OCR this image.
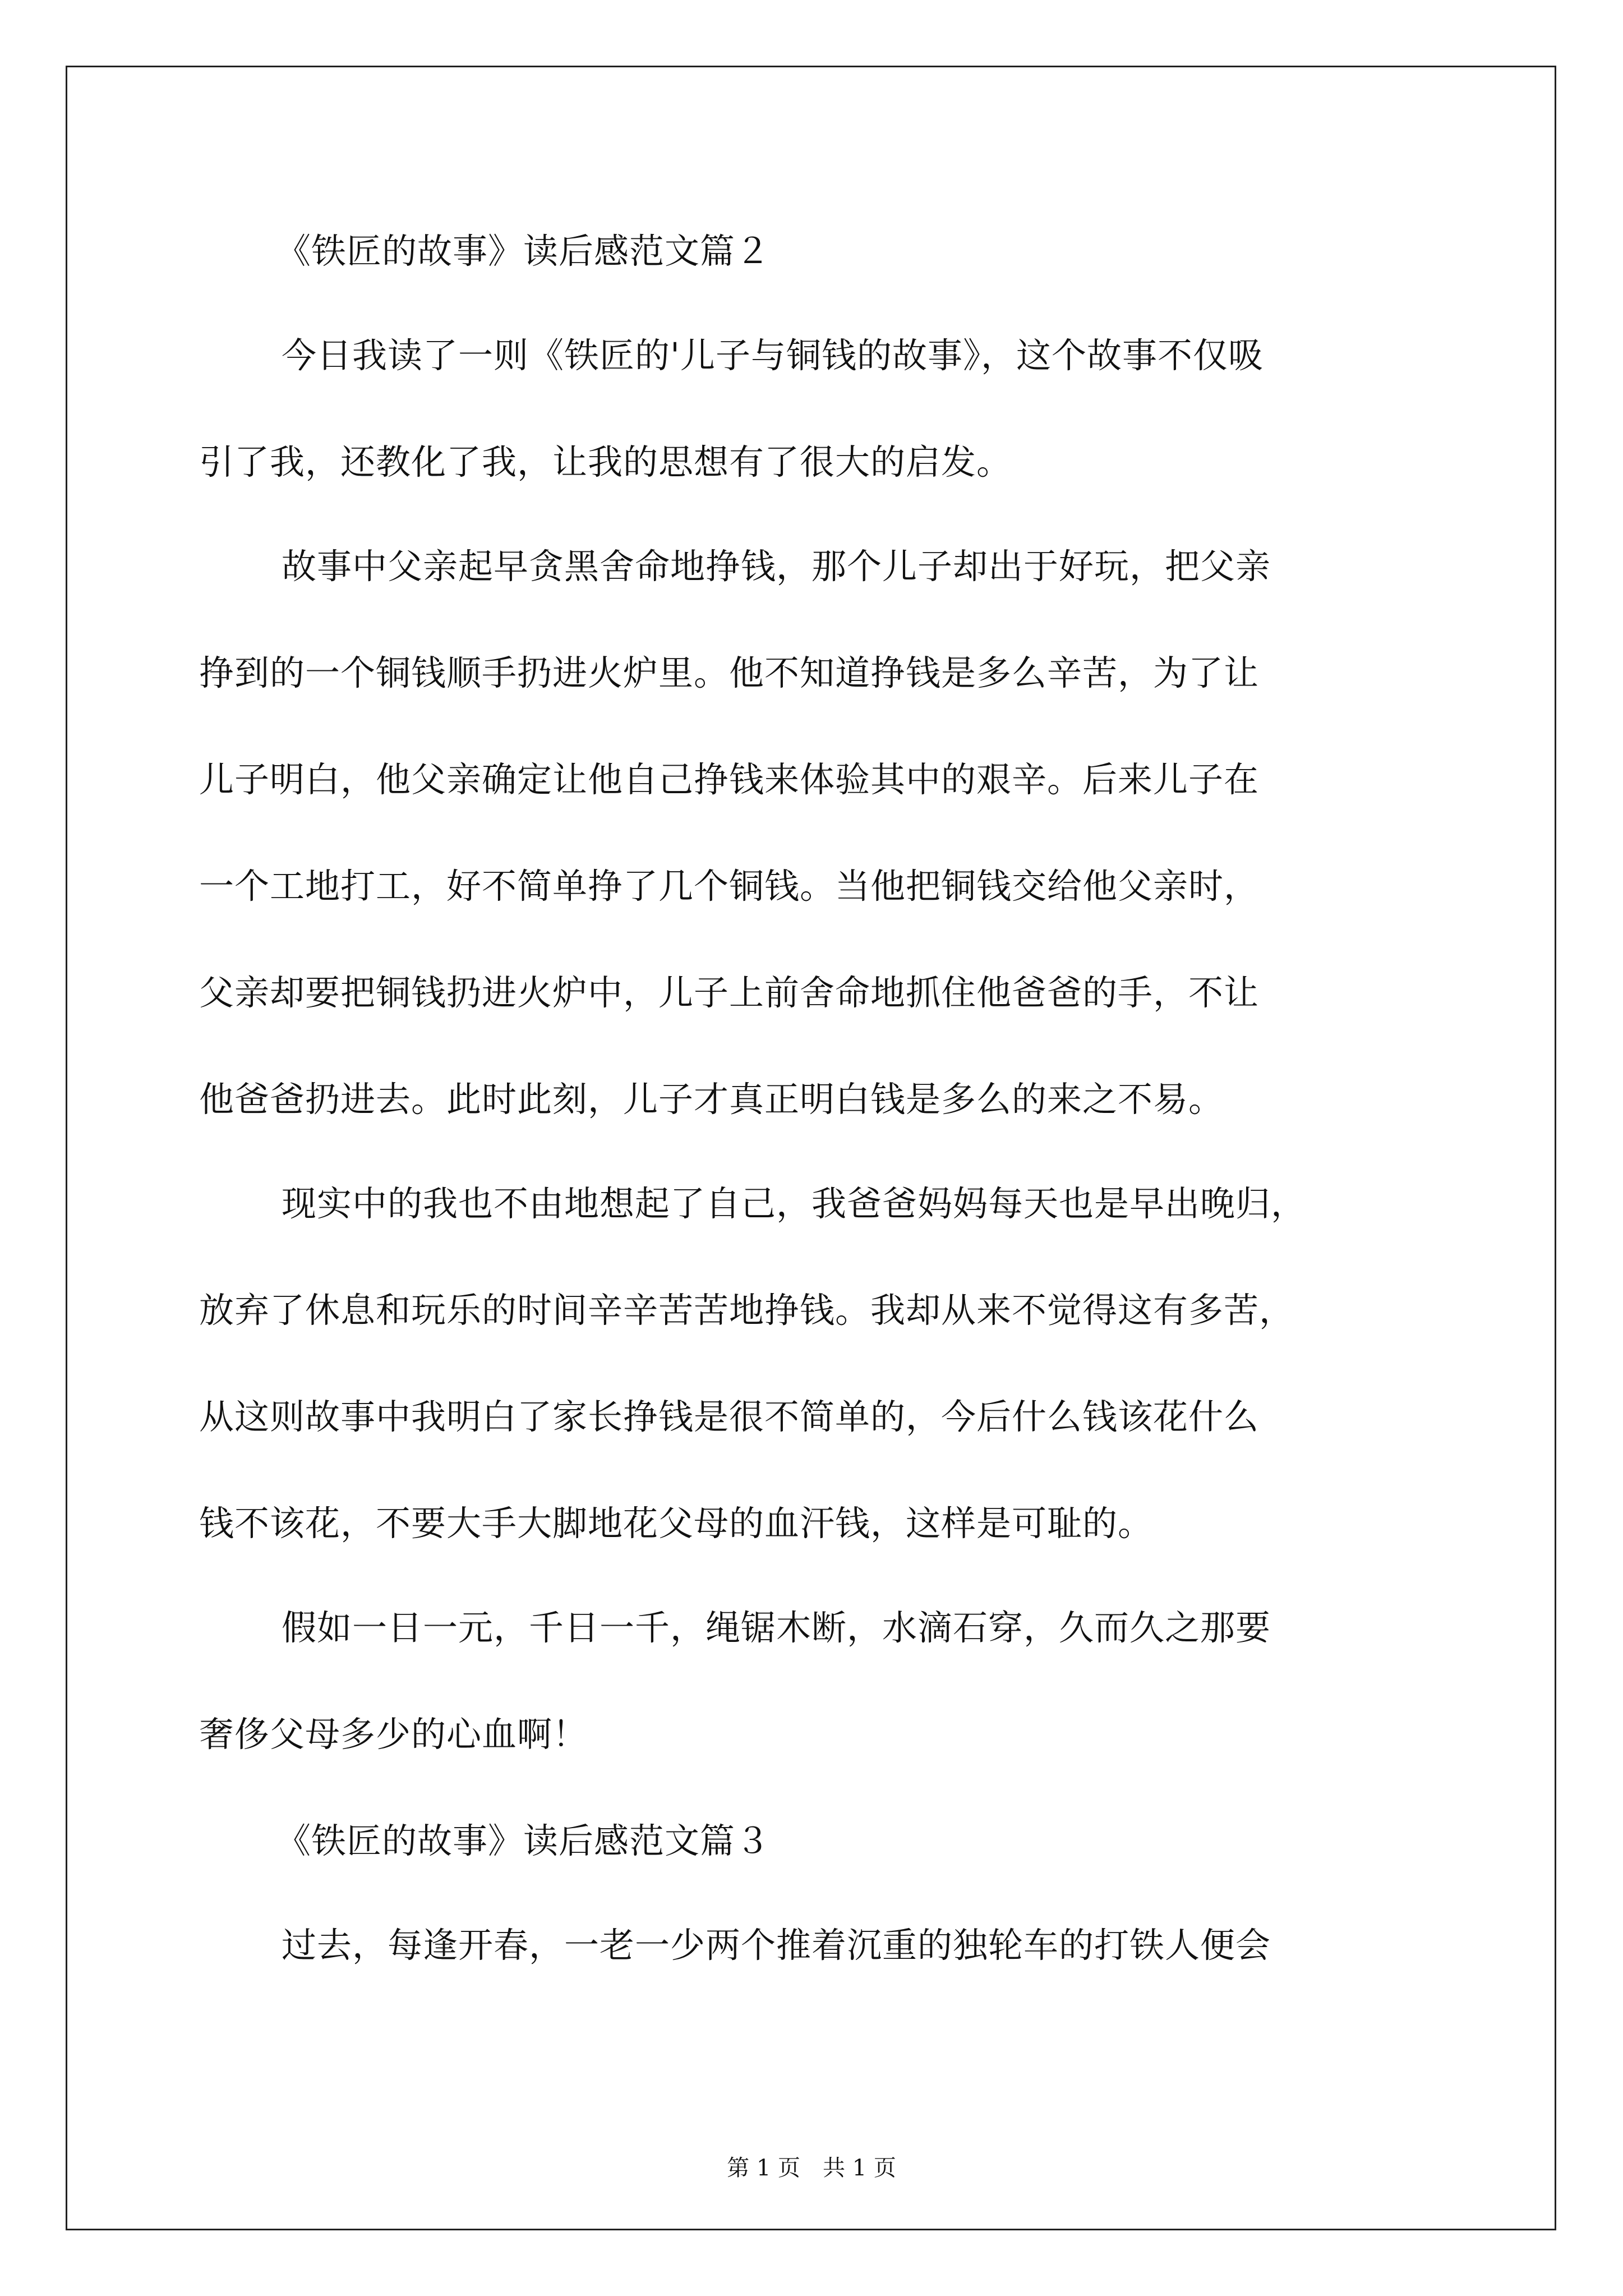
《铁匠的故事》读后感范文篇２
今日我读了一则《铁匠的'儿子与铜钱的故事》，这个故事不仅吸
引了我，还教化了我，让我的思想有了很大的启发。
故事中父亲起早贪黑舍命地挣钱，那个儿子却出于好玩，把父亲
挣到的一个铜钱顺手扔进火炉里。他不知道挣钱是多么辛苦，为了让
儿子明白，他父亲确定让他自己挣钱来体验其中的艰辛。后来儿子在
一个工地打工，好不简单挣了几个铜钱。当他把铜钱交给他父亲时，
父亲却要把铜钱扔进火炉中，儿子上前舍命地抓住他爸爸的手，不让
他爸爸扔进去。此时此刻，儿子才真正明白钱是多么的来之不易。
现实中的我也不由地想起了自己，我爸爸妈妈每天也是早出晚归，
放弃了休息和玩乐的时间辛辛苦苦地挣钱。我却从来不觉得这有多苦，
从这则故事中我明白了家长挣钱是很不简单的，今后什么钱该花什么
钱不该花，不要大手大脚地花父母的血汗钱，这样是可耻的。
假如一日一元，千日一千，绳锯木断，水滴石穿，久而久之那要
奢侈父母多少的心血啊！
《铁匠的故事》读后感范文篇３
过去，每逢开春，一老一少两个推着沉重的独轮车的打铁人便会
第 1 页　共 1 页
